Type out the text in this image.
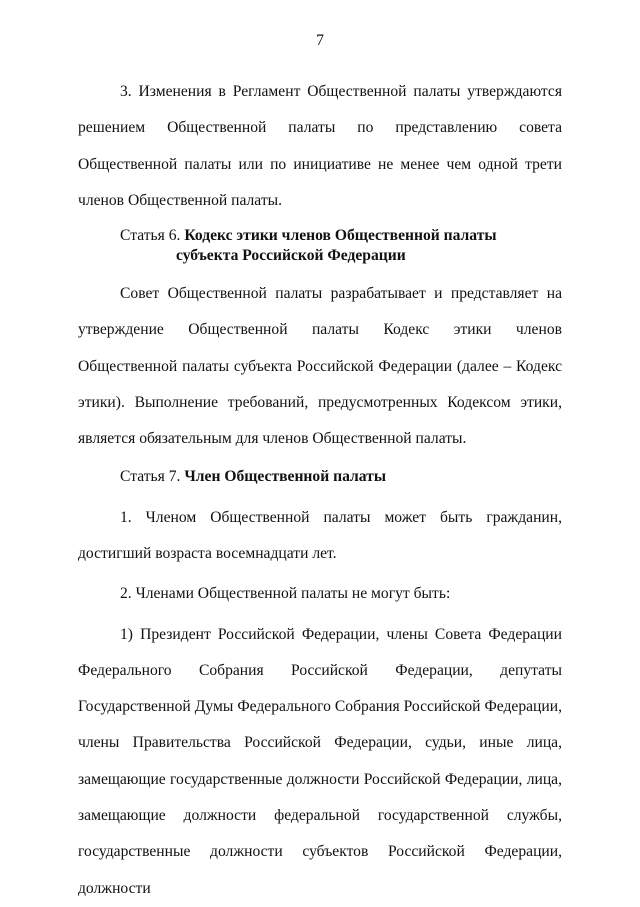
7

3. Изменения в Регламент Общественной палаты утверждаются решением Общественной палаты по представлению совета Общественной палаты или по инициативе не менее чем одной трети членов Общественной палаты.

Статья 6. Кодекс этики членов Общественной палаты
субъекта Российской Федерации

Совет Общественной палаты разрабатывает и представляет на утверждение Общественной палаты Кодекс этики членов Общественной палаты субъекта Российской Федерации (далее – Кодекс этики). Выполнение требований, предусмотренных Кодексом этики, является обязательным для членов Общественной палаты.

Статья 7. Член Общественной палаты

1. Членом Общественной палаты может быть гражданин, достигший возраста восемнадцати лет.

2. Членами Общественной палаты не могут быть:

1) Президент Российской Федерации, члены Совета Федерации Федерального Собрания Российской Федерации, депутаты Государственной Думы Федерального Собрания Российской Федерации, члены Правительства Российской Федерации, судьи, иные лица, замещающие государственные должности Российской Федерации, лица, замещающие должности федеральной государственной службы, государственные должности субъектов Российской Федерации, должности
